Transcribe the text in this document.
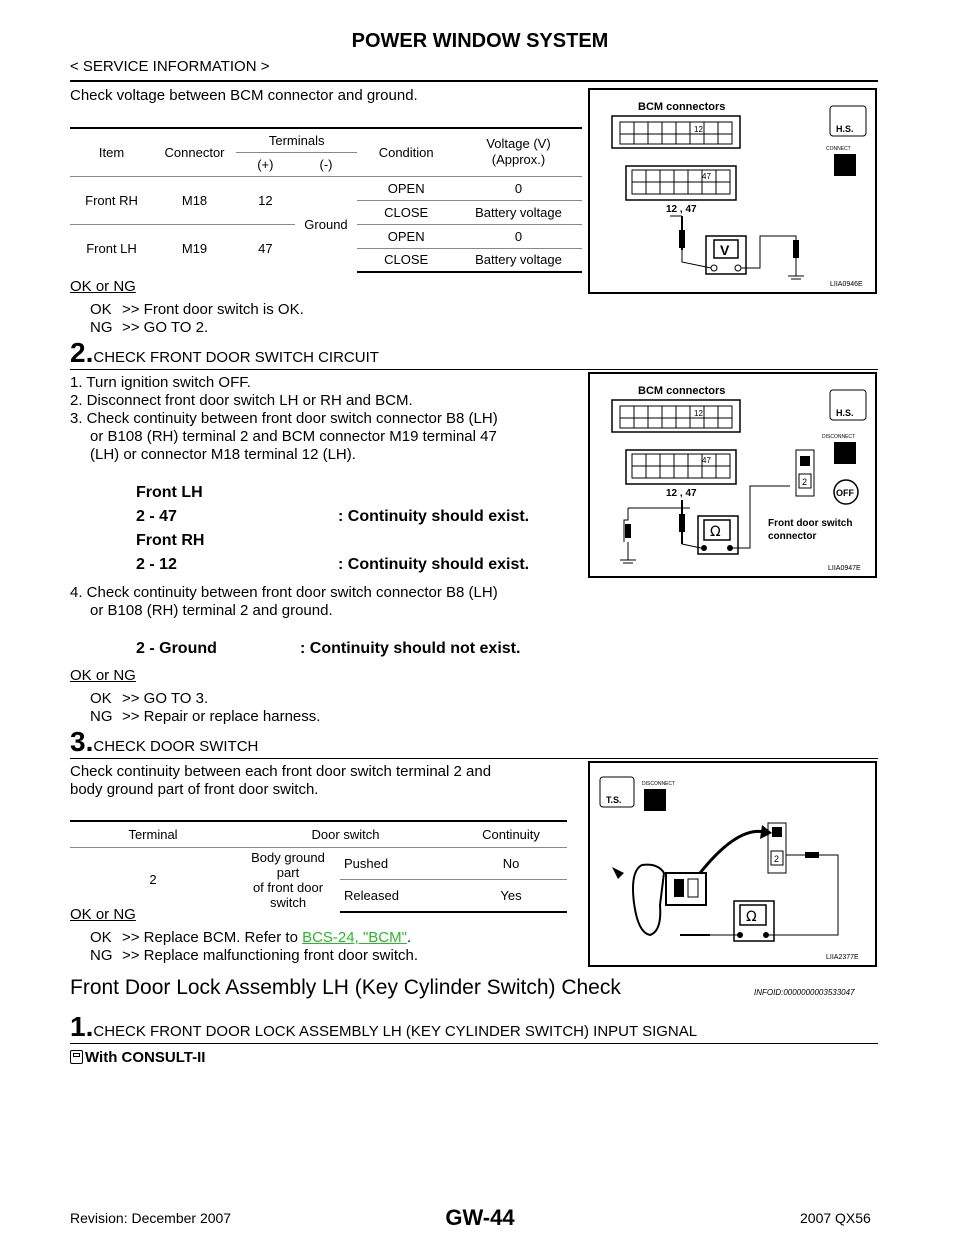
POWER WINDOW SYSTEM
< SERVICE INFORMATION >
Check voltage between BCM connector and ground.
Item	Connector	Terminals		Condition	Voltage (V)
(Approx.)
		(+)	(-)		
Front RH	M18	12	Ground	OPEN	0
				CLOSE	Battery voltage
Front LH	M19	47		OPEN	0
				CLOSE	Battery voltage
BCM connectors
12
47
12 , 47
V
H.S.
CONNECT
LIIA0946E
OK or NG
OK >> Front door switch is OK.
NG >> GO TO 2.
2.CHECK FRONT DOOR SWITCH CIRCUIT
1. Turn ignition switch OFF.
2. Disconnect front door switch LH or RH and BCM.
3. Check continuity between front door switch connector B8 (LH)
or B108 (RH) terminal 2 and BCM connector M19 terminal 47
(LH) or connector M18 terminal 12 (LH).
Front LH
2 - 47	: Continuity should exist.
Front RH
2 - 12	: Continuity should exist.
4. Check continuity between front door switch connector B8 (LH)
or B108 (RH) terminal 2 and ground.
2 - Ground	: Continuity should not exist.
BCM connectors
12
47
12 , 47
Ω
2
Front door switch
connector
H.S.
DISCONNECT
OFF
LIIA0947E
OK or NG
OK >> GO TO 3.
NG >> Repair or replace harness.
3.CHECK DOOR SWITCH
Check continuity between each front door switch terminal 2 and
body ground part of front door switch.
Terminal	Door switch		Continuity
2	Body ground part
of front door
switch	Pushed	No
		Released	Yes
T.S.
DISCONNECT
2
Ω
LIIA2377E
OK or NG
OK >> Replace BCM. Refer to BCS-24, "BCM".
NG >> Replace malfunctioning front door switch.
Front Door Lock Assembly LH (Key Cylinder Switch) Check	INFOID:0000000003533047
1.CHECK FRONT DOOR LOCK ASSEMBLY LH (KEY CYLINDER SWITCH) INPUT SIGNAL
With CONSULT-II
Revision: December 2007	GW-44	2007 QX56
